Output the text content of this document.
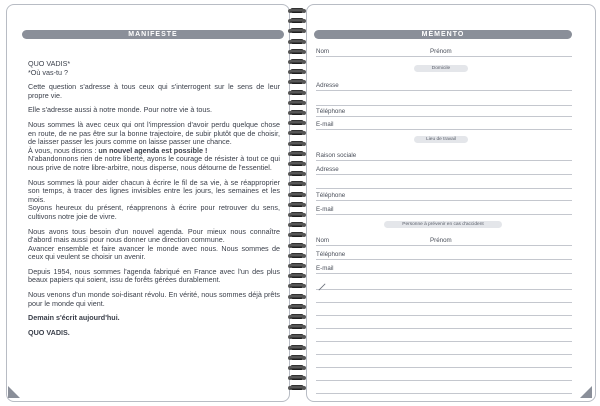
MANIFESTE

QUO VADIS*

*Où vas-tu ?

Cette question s'adresse à tous ceux qui s'interrogent sur le sens de leur propre vie.

Elle s'adresse aussi à notre monde. Pour notre vie à tous.

Nous sommes là avec ceux qui ont l'impression d'avoir perdu quelque chose en route, de ne pas être sur la bonne trajectoire, de subir plutôt que de choisir, de laisser passer les jours comme on laisse passer une chance.

À vous, nous disons : un nouvel agenda est possible !

N'abandonnons rien de notre liberté, ayons le courage de résister à tout ce qui nous prive de notre libre-arbitre, nous disperse, nous détourne de l'essentiel.

Nous sommes là pour aider chacun à écrire le fil de sa vie, à se réapproprier son temps, à tracer des lignes invisibles entre les jours, les semaines et les mois.

Soyons heureux du présent, réapprenons à écrire pour retrouver du sens, cultivons notre joie de vivre.

Nous avons tous besoin d'un nouvel agenda. Pour mieux nous connaître d'abord mais aussi pour nous donner une direction commune.

Avancer ensemble et faire avancer le monde avec nous. Nous sommes de ceux qui veulent se choisir un avenir.

Depuis 1954, nous sommes l'agenda fabriqué en France avec l'un des plus beaux papiers qui soient, issu de forêts gérées durablement.

Nous venons d'un monde soi-disant révolu. En vérité, nous sommes déjà prêts pour le monde qui vient.

Demain s'écrit aujourd'hui.

QUO VADIS.

MÉMENTO
Nom	Prénom
Domicile
Adresse
Téléphone
E-mail
Lieu de travail
Raison sociale
Adresse
Téléphone
E-mail
Personne à prévenir en cas d'accident
Nom	Prénom
Téléphone
E-mail
